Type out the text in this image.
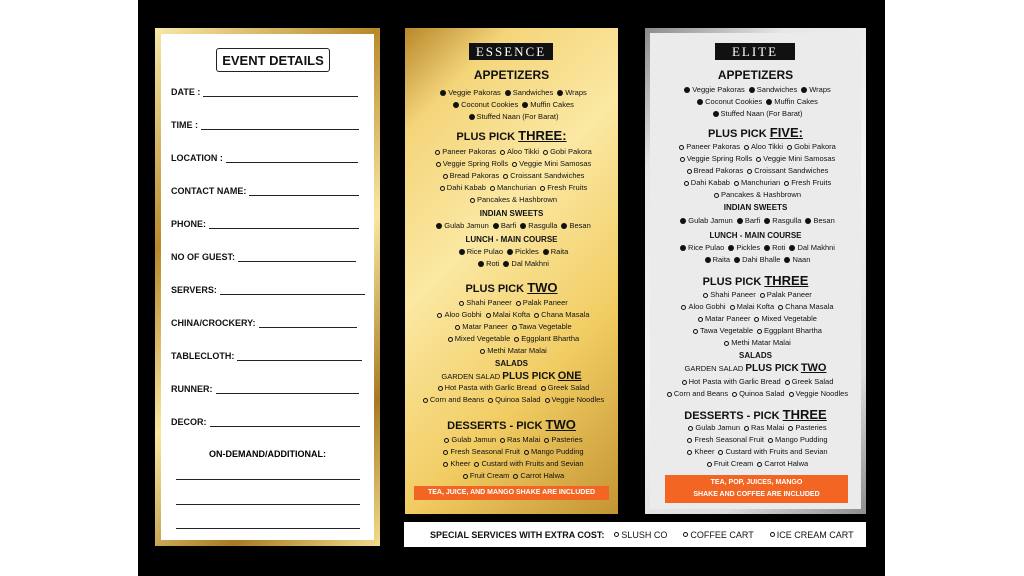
EVENT DETAILS
DATE :
TIME :
LOCATION :
CONTACT NAME:
PHONE:
NO OF GUEST:
SERVERS:
CHINA/CROCKERY:
TABLECLOTH:
RUNNER:
DECOR:
ON-DEMAND/ADDITIONAL:
ESSENCE
APPETIZERS
Veggie Pakoras Sandwiches Wraps
Coconut Cookies Muffin Cakes
Stuffed Naan (For Barat)
PLUS PICK THREE:
Paneer Pakoras Aloo Tikki Gobi Pakora
Veggie Spring Rolls Veggie Mini Samosas
Bread Pakoras Croissant Sandwiches
Dahi Kabab Manchurian Fresh Fruits
Pancakes & Hashbrown
INDIAN SWEETS
Gulab Jamun Barfi Rasgulla Besan
LUNCH - MAIN COURSE
Rice Pulao Pickles Raita
Roti Dal Makhni
PLUS PICK TWO
Shahi Paneer Palak Paneer
Aloo Gobhi Malai Kofta Chana Masala
Matar Paneer Tawa Vegetable
Mixed Vegetable Eggplant Bhartha
Methi Matar Malai
SALADS
GARDEN SALAD PLUS PICK ONE
Hot Pasta with Garlic Bread Greek Salad
Corn and Beans Quinoa Salad Veggie Noodles
DESSERTS - PICK TWO
Gulab Jamun Ras Malai Pasteries
Fresh Seasonal Fruit Mango Pudding
Kheer Custard with Fruits and Sevian
Fruit Cream Carrot Halwa
TEA, JUICE, AND MANGO SHAKE ARE INCLUDED
ELITE
APPETIZERS
Veggie Pakoras Sandwiches Wraps
Coconut Cookies Muffin Cakes
Stuffed Naan (For Barat)
PLUS PICK FIVE:
Paneer Pakoras Aloo Tikki Gobi Pakora
Veggie Spring Rolls Veggie Mini Samosas
Bread Pakoras Croissant Sandwiches
Dahi Kabab Manchurian Fresh Fruits
Pancakes & Hashbrown
INDIAN SWEETS
Gulab Jamun Barfi Rasgulla Besan
LUNCH - MAIN COURSE
Rice Pulao Pickles Roti Dal Makhni
Raita Dahi Bhalle Naan
PLUS PICK THREE
Shahi Paneer Palak Paneer
Aloo Gobhi Malai Kofta Chana Masala
Matar Paneer Mixed Vegetable
Tawa Vegetable Eggplant Bhartha
Methi Matar Malai
SALADS
GARDEN SALAD PLUS PICK TWO
Hot Pasta with Garlic Bread Greek Salad
Corn and Beans Quinoa Salad Veggie Noodles
DESSERTS - PICK THREE
Gulab Jamun Ras Malai Pasteries
Fresh Seasonal Fruit Mango Pudding
Kheer Custard with Fruits and Sevian
Fruit Cream Carrot Halwa
TEA, POP, JUICES, MANGO
SHAKE AND COFFEE ARE INCLUDED
SPECIAL SERVICES WITH EXTRA COST: SLUSH CO	COFFEE CART	ICE CREAM CART
